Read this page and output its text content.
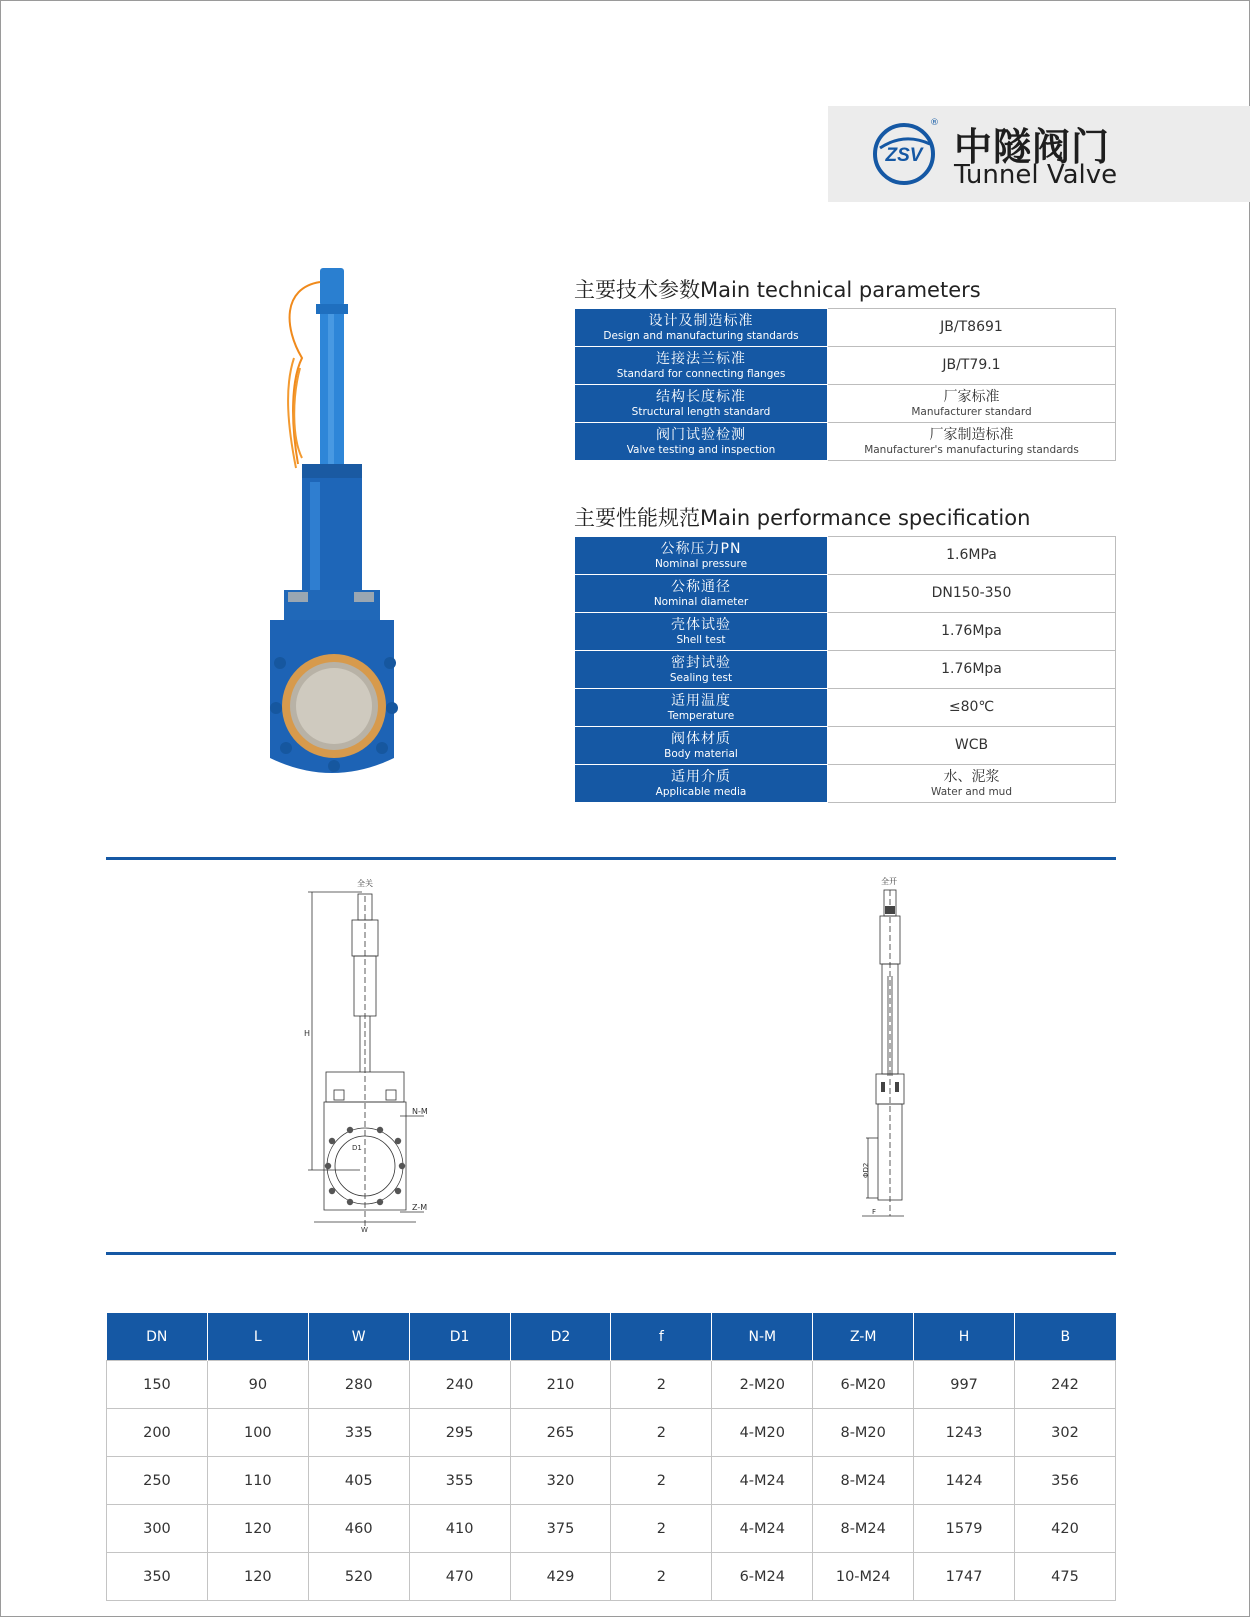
ZSV
®
中隧阀门
Tunnel Valve
主要技术参数Main technical parameters
设计及制造标准
Design and manufacturing standards	JB/T8691

连接法兰标准
Standard for connecting flanges	JB/T79.1

结构长度标准
Structural length standard	厂家标准
Manufacturer standard

阀门试验检测
Valve testing and inspection	厂家制造标准
Manufacturer's manufacturing standards
主要性能规范Main performance specification
公称压力PN
Nominal pressure	1.6MPa

公称通径
Nominal diameter	DN150-350

壳体试验
Shell test	1.76Mpa

密封试验
Sealing test	1.76Mpa

适用温度
Temperature	≤80℃

阀体材质
Body material	WCB

适用介质
Applicable media	水、泥浆
Water and mud
全关
H
N-M
Z-M
W
D1
全开
ΦD2
F
DN	L	W	D1	D2	f	N-M	Z-M	H	B
150	90	280	240	210	2	2-M20	6-M20	997	242
200	100	335	295	265	2	4-M20	8-M20	1243	302
250	110	405	355	320	2	4-M24	8-M24	1424	356
300	120	460	410	375	2	4-M24	8-M24	1579	420
350	120	520	470	429	2	6-M24	10-M24	1747	475
